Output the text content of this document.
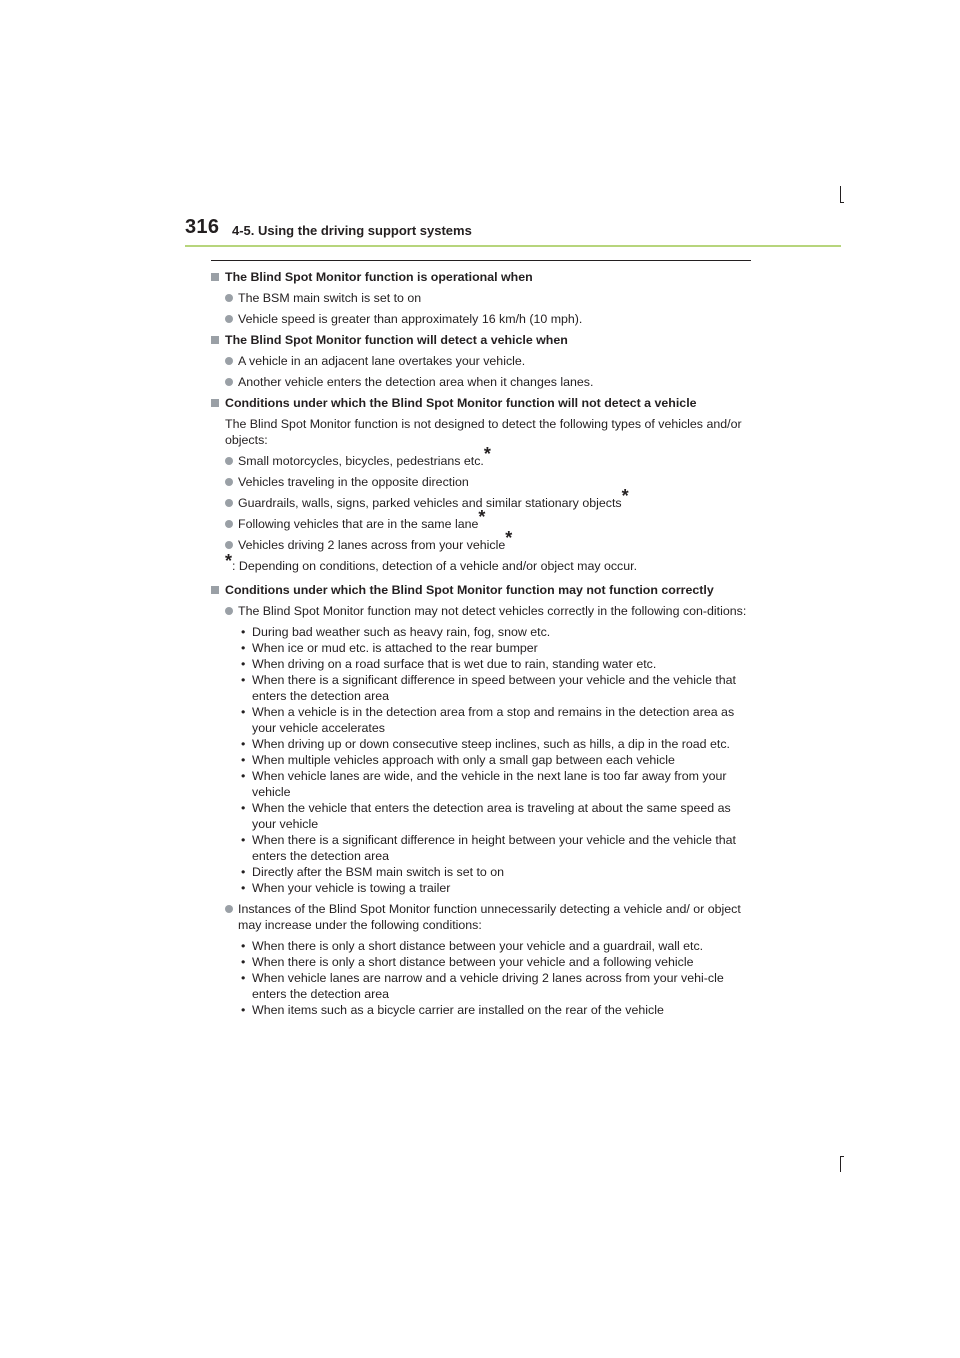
316 4-5. Using the driving support systems
The Blind Spot Monitor function is operational when
The BSM main switch is set to on
Vehicle speed is greater than approximately 16 km/h (10 mph).
The Blind Spot Monitor function will detect a vehicle when
A vehicle in an adjacent lane overtakes your vehicle.
Another vehicle enters the detection area when it changes lanes.
Conditions under which the Blind Spot Monitor function will not detect a vehicle
The Blind Spot Monitor function is not designed to detect the following types of vehicles and/or objects:
Small motorcycles, bicycles, pedestrians etc.*
Vehicles traveling in the opposite direction
Guardrails, walls, signs, parked vehicles and similar stationary objects*
Following vehicles that are in the same lane*
Vehicles driving 2 lanes across from your vehicle*
*: Depending on conditions, detection of a vehicle and/or object may occur.
Conditions under which the Blind Spot Monitor function may not function correctly
The Blind Spot Monitor function may not detect vehicles correctly in the following con-ditions:
• During bad weather such as heavy rain, fog, snow etc.
• When ice or mud etc. is attached to the rear bumper
• When driving on a road surface that is wet due to rain, standing water etc.
• When there is a significant difference in speed between your vehicle and the vehicle that enters the detection area
• When a vehicle is in the detection area from a stop and remains in the detection area as your vehicle accelerates
• When driving up or down consecutive steep inclines, such as hills, a dip in the road etc.
• When multiple vehicles approach with only a small gap between each vehicle
• When vehicle lanes are wide, and the vehicle in the next lane is too far away from your vehicle
• When the vehicle that enters the detection area is traveling at about the same speed as your vehicle
• When there is a significant difference in height between your vehicle and the vehicle that enters the detection area
• Directly after the BSM main switch is set to on
• When your vehicle is towing a trailer
Instances of the Blind Spot Monitor function unnecessarily detecting a vehicle and/ or object may increase under the following conditions:
• When there is only a short distance between your vehicle and a guardrail, wall etc.
• When there is only a short distance between your vehicle and a following vehicle
• When vehicle lanes are narrow and a vehicle driving 2 lanes across from your vehi-cle enters the detection area
• When items such as a bicycle carrier are installed on the rear of the vehicle
